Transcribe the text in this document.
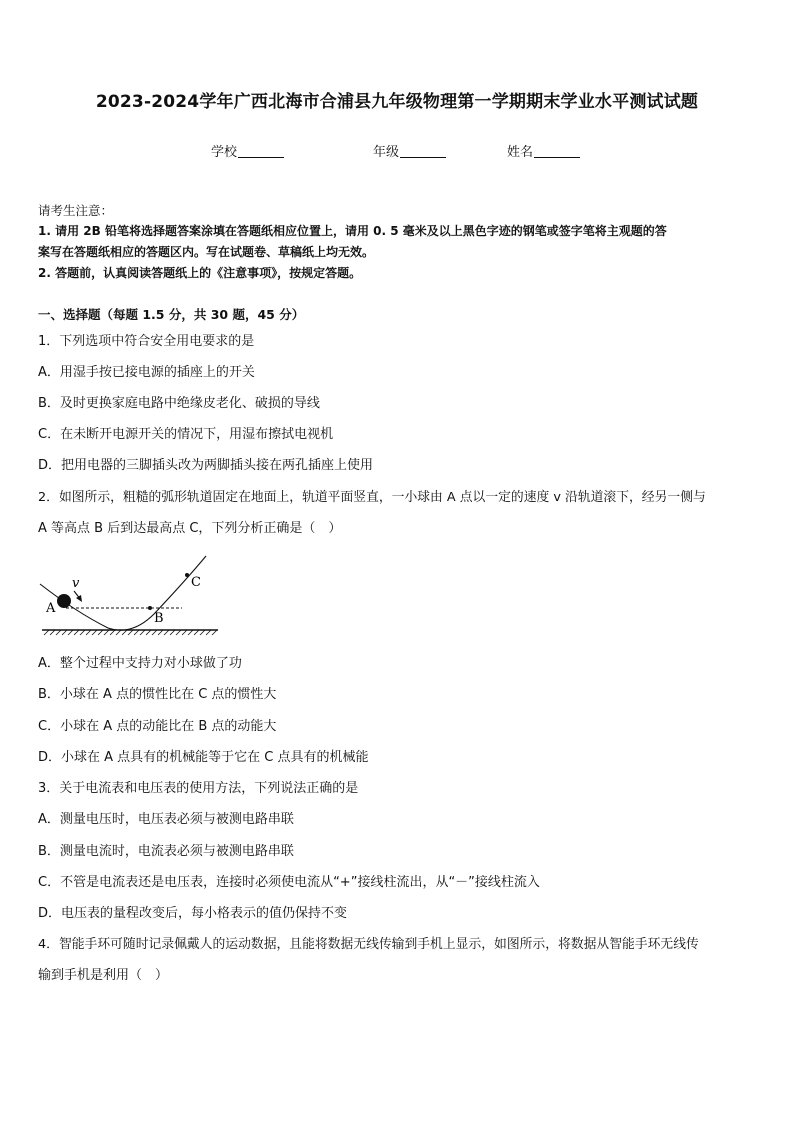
2023-2024学年广西北海市合浦县九年级物理第一学期期末学业水平测试试题
学校	年级	姓名
请考生注意：
1. 请用 2B 铅笔将选择题答案涂填在答题纸相应位置上，请用 0. 5 毫米及以上黑色字迹的钢笔或签字笔将主观题的答
案写在答题纸相应的答题区内。写在试题卷、草稿纸上均无效。
2. 答题前，认真阅读答题纸上的《注意事项》，按规定答题。
一、选择题（每题 1.5 分，共 30 题，45 分）
1．下列选项中符合安全用电要求的是
A．用湿手按已接电源的插座上的开关
B．及时更换家庭电路中绝缘皮老化、破损的导线
C．在未断开电源开关的情况下，用湿布擦拭电视机
D．把用电器的三脚插头改为两脚插头接在两孔插座上使用
2．如图所示，粗糙的弧形轨道固定在地面上，轨道平面竖直，一小球由 A 点以一定的速度 v 沿轨道滚下，经另一侧与
A 等高点 B 后到达最高点 C，下列分析正确是（　）
A
B
C
v
A．整个过程中支持力对小球做了功
B．小球在 A 点的惯性比在 C 点的惯性大
C．小球在 A 点的动能比在 B 点的动能大
D．小球在 A 点具有的机械能等于它在 C 点具有的机械能
3．关于电流表和电压表的使用方法，下列说法正确的是
A．测量电压时，电压表必须与被测电路串联
B．测量电流时，电流表必须与被测电路串联
C．不管是电流表还是电压表，连接时必须使电流从“+”接线柱流出，从“－”接线柱流入
D．电压表的量程改变后，每小格表示的值仍保持不变
4．智能手环可随时记录佩戴人的运动数据，且能将数据无线传输到手机上显示，如图所示，将数据从智能手环无线传
输到手机是利用（　）
